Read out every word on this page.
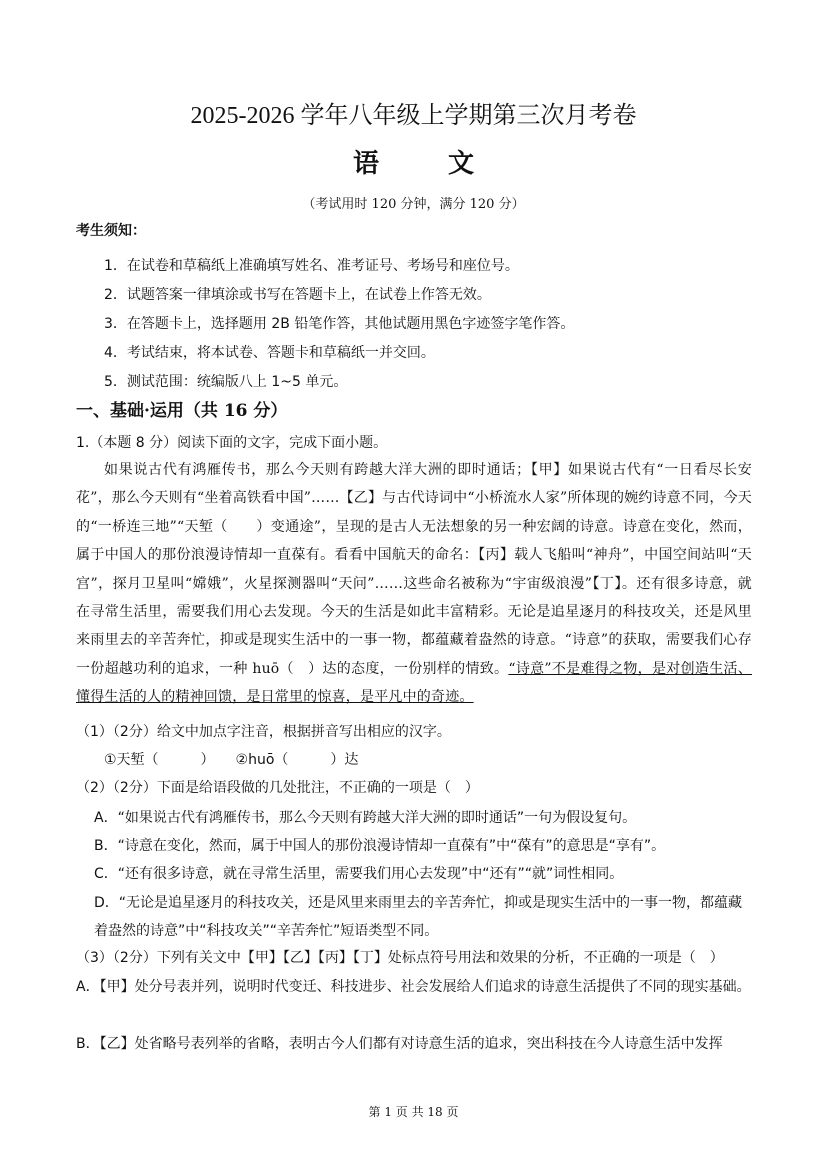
2025-2026 学年八年级上学期第三次月考卷
语 文
（考试用时 120 分钟，满分 120 分）
考生须知：
1．在试卷和草稿纸上准确填写姓名、准考证号、考场号和座位号。
2．试题答案一律填涂或书写在答题卡上，在试卷上作答无效。
3．在答题卡上，选择题用 2B 铅笔作答，其他试题用黑色字迹签字笔作答。
4．考试结束，将本试卷、答题卡和草稿纸一并交回。
5．测试范围：统编版八上 1~5 单元。
一、基础·运用（共 16 分）
1.（本题 8 分）阅读下面的文字，完成下面小题。

如果说古代有鸿雁传书，那么今天则有跨越大洋大洲的即时通话；【甲】如果说古代有“一日看尽长安花”，那么今天则有“坐着高铁看中国”……【乙】与古代诗词中“小桥流水人家”所体现的婉约诗意不同，今天的“一桥连三地”“天堑（　　）变通途”，呈现的是古人无法想象的另一种宏阔的诗意。诗意在变化，然而，属于中国人的那份浪漫诗情却一直葆有。看看中国航天的命名：【丙】载人飞船叫“神舟”，中国空间站叫“天宫”，探月卫星叫“嫦娥”，火星探测器叫“天问”……这些命名被称为“宇宙级浪漫”【丁】。还有很多诗意，就在寻常生活里，需要我们用心去发现。今天的生活是如此丰富精彩。无论是追星逐月的科技攻关，还是风里来雨里去的辛苦奔忙，抑或是现实生活中的一事一物，都蕴藏着盎然的诗意。“诗意”的获取，需要我们心存一份超越功利的追求，一种 huō（　）达的态度，一份别样的情致。“诗意”不是难得之物，是对创造生活、懂得生活的人的精神回馈，是日常里的惊喜，是平凡中的奇迹。

（1）（2分）给文中加点字注音，根据拼音写出相应的汉字。
①天堑（　　　）　　②huō（　　　）达
（2）（2分）下面是给语段做的几处批注，不正确的一项是（　）
A．“如果说古代有鸿雁传书，那么今天则有跨越大洋大洲的即时通话”一句为假设复句。
B．“诗意在变化，然而，属于中国人的那份浪漫诗情却一直葆有”中“葆有”的意思是“享有”。
C．“还有很多诗意，就在寻常生活里，需要我们用心去发现”中“还有”“就”词性相同。
D．“无论是追星逐月的科技攻关，还是风里来雨里去的辛苦奔忙，抑或是现实生活中的一事一物，都蕴藏着盎然的诗意”中“科技攻关”“辛苦奔忙”短语类型不同。
（3）（2分）下列有关文中【甲】【乙】【丙】【丁】处标点符号用法和效果的分析，不正确的一项是（　）
A．【甲】处分号表并列，说明时代变迁、科技进步、社会发展给人们追求的诗意生活提供了不同的现实基础。
B．【乙】处省略号表列举的省略，表明古今人们都有对诗意生活的追求，突出科技在今人诗意生活中发挥
第 1 页 共 18 页
